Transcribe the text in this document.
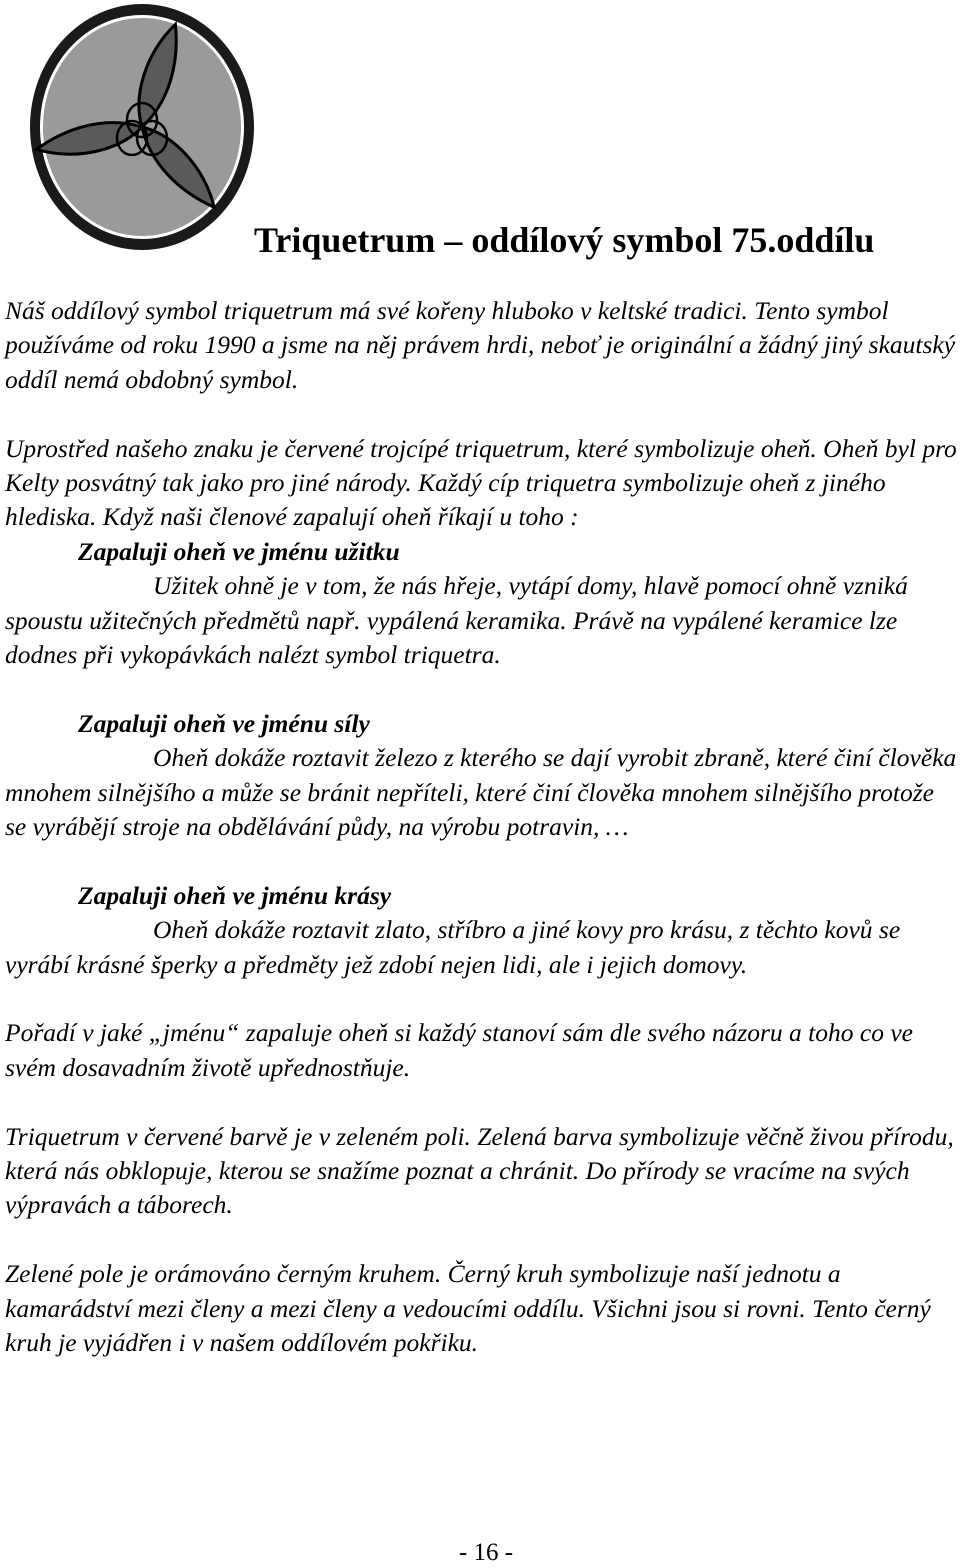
Triquetrum – oddílový symbol 75.oddílu

Náš oddílový symbol triquetrum má své kořeny hluboko v keltské tradici. Tento symbol používáme od roku 1990 a jsme na něj právem hrdi, neboť je originální a žádný jiný skautský oddíl nemá obdobný symbol.

Uprostřed našeho znaku je červené trojcípé triquetrum, které symbolizuje oheň. Oheň byl pro Kelty posvátný tak jako pro jiné národy. Každý cíp triquetra symbolizuje oheň z jiného hlediska. Když naši členové zapalují oheň říkají u toho :

Zapaluji oheň ve jménu užitku

Užitek ohně je v tom, že nás hřeje, vytápí domy, hlavě pomocí ohně vzniká spoustu užitečných předmětů např. vypálená keramika. Právě na vypálené keramice lze dodnes při vykopávkách nalézt symbol triquetra.

Zapaluji oheň ve jménu síly

Oheň dokáže roztavit železo z kterého se dají vyrobit zbraně, které činí člověka mnohem silnějšího a může se bránit nepříteli, které činí člověka mnohem silnějšího protože se vyrábějí stroje na obdělávání půdy, na výrobu potravin, …

Zapaluji oheň ve jménu krásy

Oheň dokáže roztavit zlato, stříbro a jiné kovy pro krásu, z těchto kovů se vyrábí krásné šperky a předměty jež zdobí nejen lidi, ale i jejich domovy.

Pořadí v jaké „jménu“ zapaluje oheň si každý stanoví sám dle svého názoru a toho co ve svém dosavadním životě upřednostňuje.

Triquetrum v červené barvě je v zeleném poli. Zelená barva symbolizuje věčně živou přírodu, která nás obklopuje, kterou se snažíme poznat a chránit. Do přírody se vracíme na svých výpravách a táborech.

Zelené pole je orámováno černým kruhem. Černý kruh symbolizuje naší jednotu a kamarádství mezi členy a mezi členy a vedoucími oddílu. Všichni jsou si rovni. Tento černý kruh je vyjádřen i v našem oddílovém pokřiku.

- 16 -
